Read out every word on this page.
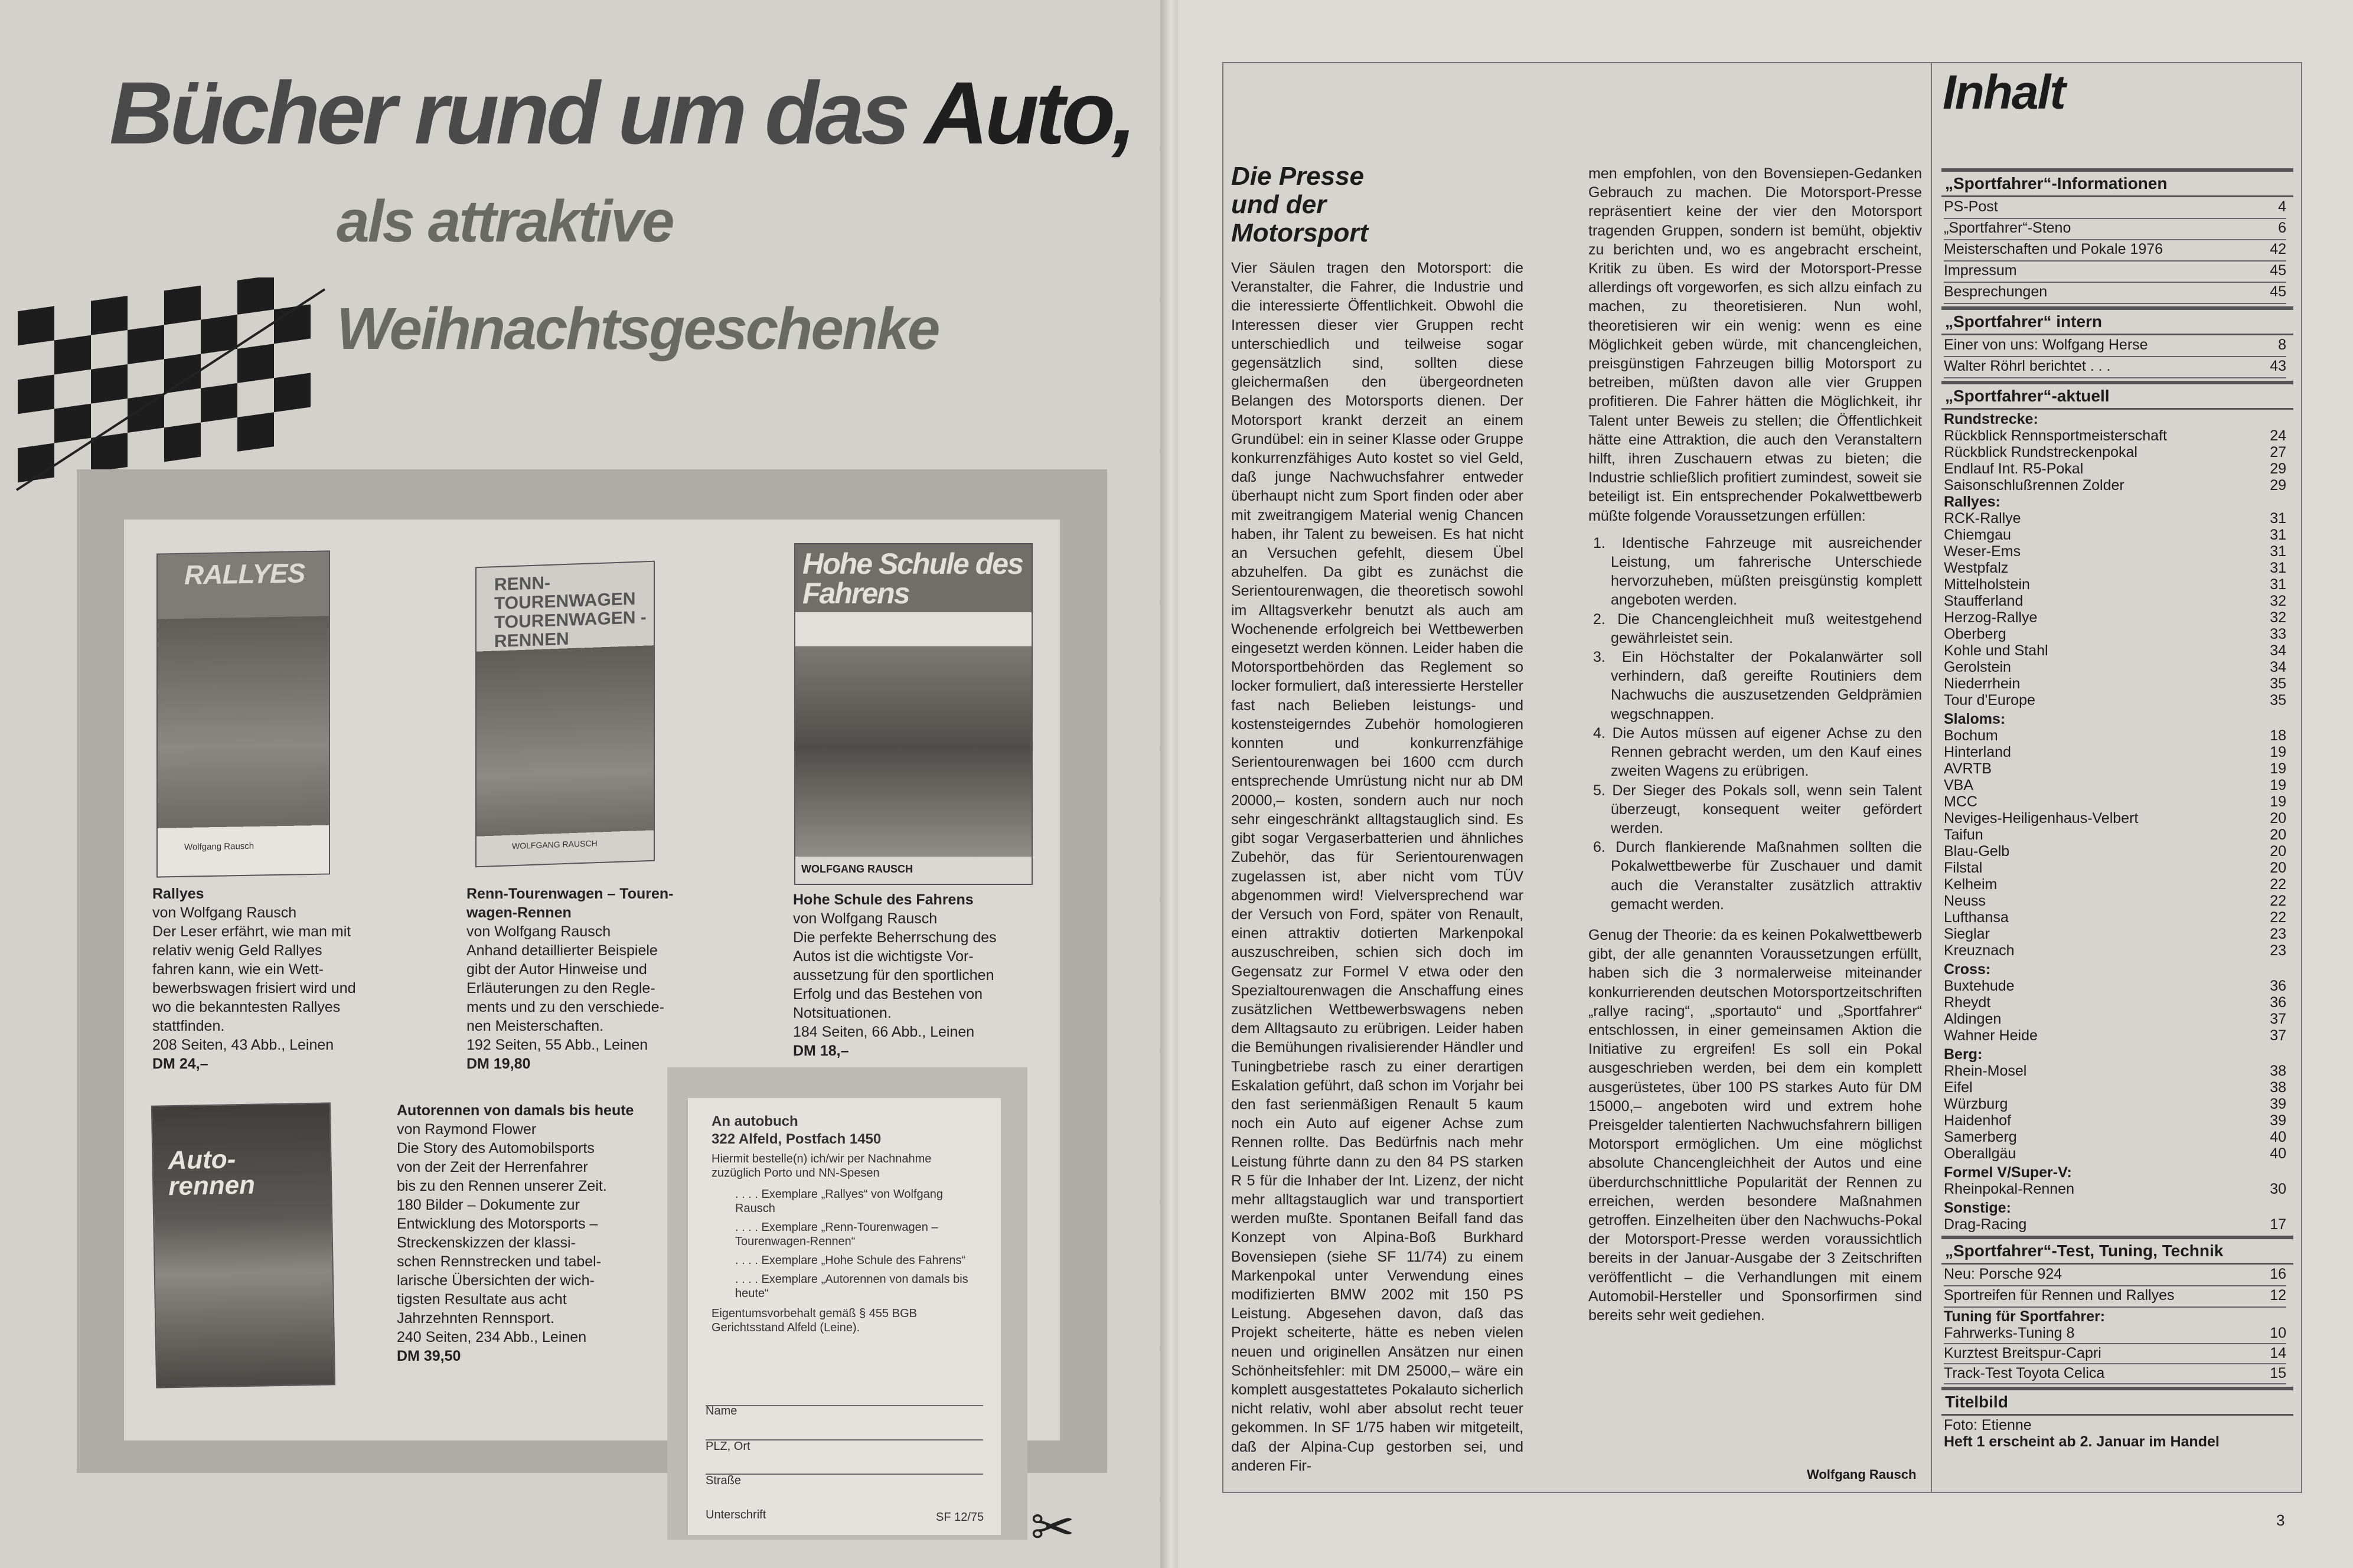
Bücher rund um das Auto,
als attraktive
Weihnachtsgeschenke
RALLYES
Wolfgang Rausch
Rallyes
von Wolfgang Rausch
Der Leser erfährt, wie man mit
relativ wenig Geld Rallyes
fahren kann, wie ein Wett-
bewerbswagen frisiert wird und
wo die bekanntesten Rallyes
stattfinden.
208 Seiten, 43 Abb., Leinen
DM 24,–
RENN-TOURENWAGEN TOURENWAGEN -RENNEN
WOLFGANG RAUSCH
Renn-Tourenwagen – Touren-wagen-Rennen
von Wolfgang Rausch
Anhand detaillierter Beispiele
gibt der Autor Hinweise und
Erläuterungen zu den Regle-
ments und zu den verschiede-
nen Meisterschaften.
192 Seiten, 55 Abb., Leinen
DM 19,80
Hohe Schule des Fahrens
WOLFGANG RAUSCH
Hohe Schule des Fahrens
von Wolfgang Rausch
Die perfekte Beherrschung des
Autos ist die wichtigste Vor-
aussetzung für den sportlichen
Erfolg und das Bestehen von
Notsituationen.
184 Seiten, 66 Abb., Leinen
DM 18,–
Auto-rennen
Autorennen von damals bis heute
von Raymond Flower
Die Story des Automobilsports
von der Zeit der Herrenfahrer
bis zu den Rennen unserer Zeit.
180 Bilder – Dokumente zur
Entwicklung des Motorsports –
Streckenskizzen der klassi-
schen Rennstrecken und tabel-
larische Übersichten der wich-
tigsten Resultate aus acht
Jahrzehnten Rennsport.
240 Seiten, 234 Abb., Leinen
DM 39,50
An autobuch
322 Alfeld, Postfach 1450
Hiermit bestelle(n) ich/wir per Nachnahme zuzüglich Porto und NN-Spesen
. . . . Exemplare „Rallyes“ von Wolfgang Rausch
. . . . Exemplare „Renn-Tourenwagen – Tourenwagen-Rennen“
. . . . Exemplare „Hohe Schule des Fahrens“
. . . . Exemplare „Autorennen von damals bis heute“
Eigentumsvorbehalt gemäß § 455 BGB Gerichtsstand Alfeld (Leine).
Name
PLZ, Ort
Straße
Unterschrift	SF 12/75 ✂
Die Presse
und der
Motorsport

Vier Säulen tragen den Motorsport: die Veranstalter, die Fahrer, die Industrie und die interessierte Öffentlichkeit. Obwohl die Interessen dieser vier Gruppen recht unterschiedlich und teilweise sogar gegensätzlich sind, sollten diese gleichermaßen den übergeordneten Belangen des Motorsports dienen. Der Motorsport krankt derzeit an einem Grundübel: ein in seiner Klasse oder Gruppe konkurrenzfähiges Auto kostet so viel Geld, daß junge Nachwuchsfahrer entweder überhaupt nicht zum Sport finden oder aber mit zweitrangigem Material wenig Chancen haben, ihr Talent zu beweisen. Es hat nicht an Versuchen gefehlt, diesem Übel abzuhelfen. Da gibt es zunächst die Serientourenwagen, die theoretisch sowohl im Alltagsverkehr benutzt als auch am Wochenende erfolgreich bei Wettbewerben eingesetzt werden können. Leider haben die Motorsportbehörden das Reglement so locker formuliert, daß interessierte Hersteller fast nach Belieben leistungs- und kostensteigerndes Zubehör homologieren konnten und konkurrenzfähige Serientourenwagen bei 1600 ccm durch entsprechende Umrüstung nicht nur ab DM 20000,– kosten, sondern auch nur noch sehr eingeschränkt alltagstauglich sind. Es gibt sogar Vergaserbatterien und ähnliches Zubehör, das für Serientourenwagen zugelassen ist, aber nicht vom TÜV abgenommen wird! Vielversprechend war der Versuch von Ford, später von Renault, einen attraktiv dotierten Markenpokal auszuschreiben, schien sich doch im Gegensatz zur Formel V etwa oder den Spezialtourenwagen die Anschaffung eines zusätzlichen Wettbewerbswagens neben dem Alltagsauto zu erübrigen. Leider haben die Bemühungen rivalisierender Händler und Tuningbetriebe rasch zu einer derartigen Eskalation geführt, daß schon im Vorjahr bei den fast serienmäßigen Renault 5 kaum noch ein Auto auf eigener Achse zum Rennen rollte. Das Bedürfnis nach mehr Leistung führte dann zu den 84 PS starken R 5 für die Inhaber der Int. Lizenz, der nicht mehr alltagstauglich war und transportiert werden mußte. Spontanen Beifall fand das Konzept von Alpina-Boß Burkhard Bovensiepen (siehe SF 11/74) zu einem Markenpokal unter Verwendung eines modifizierten BMW 2002 mit 150 PS Leistung. Abgesehen davon, daß das Projekt scheiterte, hätte es neben vielen neuen und originellen Ansätzen nur einen Schönheitsfehler: mit DM 25000,– wäre ein komplett ausgestattetes Pokalauto sicherlich nicht relativ, wohl aber absolut recht teuer gekommen. In SF 1/75 haben wir mitgeteilt, daß der Alpina-Cup gestorben sei, und anderen Fir-

men empfohlen, von den Bovensiepen-Gedanken Gebrauch zu machen. Die Motorsport-Presse repräsentiert keine der vier den Motorsport tragenden Gruppen, sondern ist bemüht, objektiv zu berichten und, wo es angebracht erscheint, Kritik zu üben. Es wird der Motorsport-Presse allerdings oft vorgeworfen, es sich allzu einfach zu machen, zu theoretisieren. Nun wohl, theoretisieren wir ein wenig: wenn es eine Möglichkeit geben würde, mit chancengleichen, preisgünstigen Fahrzeugen billig Motorsport zu betreiben, müßten davon alle vier Gruppen profitieren. Die Fahrer hätten die Möglichkeit, ihr Talent unter Beweis zu stellen; die Öffentlichkeit hätte eine Attraktion, die auch den Veranstaltern hilft, ihren Zuschauern etwas zu bieten; die Industrie schließlich profitiert zumindest, soweit sie beteiligt ist. Ein entsprechender Pokalwettbewerb müßte folgende Voraussetzungen erfüllen:

1. Identische Fahrzeuge mit ausreichender Leistung, um fahrerische Unterschiede hervorzuheben, müßten preisgünstig komplett angeboten werden.

2. Die Chancengleichheit muß weitestgehend gewährleistet sein.

3. Ein Höchstalter der Pokalanwärter soll verhindern, daß gereifte Routiniers dem Nachwuchs die auszusetzenden Geldprämien wegschnappen.

4. Die Autos müssen auf eigener Achse zu den Rennen gebracht werden, um den Kauf eines zweiten Wagens zu erübrigen.

5. Der Sieger des Pokals soll, wenn sein Talent überzeugt, konsequent weiter gefördert werden.

6. Durch flankierende Maßnahmen sollten die Pokalwettbewerbe für Zuschauer und damit auch die Veranstalter zusätzlich attraktiv gemacht werden.

Genug der Theorie: da es keinen Pokalwettbewerb gibt, der alle genannten Voraussetzungen erfüllt, haben sich die 3 normalerweise miteinander konkurrierenden deutschen Motorsportzeitschriften „rallye racing“, „sportauto“ und „Sportfahrer“ entschlossen, in einer gemeinsamen Aktion die Initiative zu ergreifen! Es soll ein Pokal ausgeschrieben werden, bei dem ein komplett ausgerüstetes, über 100 PS starkes Auto für DM 15000,– angeboten wird und extrem hohe Preisgelder talentierten Nachwuchsfahrern billigen Motorsport ermöglichen. Um eine möglichst absolute Chancengleichheit der Autos und eine überdurchschnittliche Popularität der Rennen zu erreichen, werden besondere Maßnahmen getroffen. Einzelheiten über den Nachwuchs-Pokal der Motorsport-Presse werden voraussichtlich bereits in der Januar-Ausgabe der 3 Zeitschriften veröffentlicht – die Verhandlungen mit einem Automobil-Hersteller und Sponsorfirmen sind bereits sehr weit gediehen.

Wolfgang Rausch
Inhalt
„Sportfahrer“-Informationen
PS-Post	4
„Sportfahrer“-Steno	6
Meisterschaften und Pokale 1976	42
Impressum	45
Besprechungen	45
„Sportfahrer“ intern
Einer von uns: Wolfgang Herse	8
Walter Röhrl berichtet . . .	43
„Sportfahrer“-aktuell
Rundstrecke:
Rückblick Rennsportmeisterschaft	24
Rückblick Rundstreckenpokal	27
Endlauf Int. R5-Pokal	29
Saisonschlußrennen Zolder	29
Rallyes:
RCK-Rallye	31
Chiemgau	31
Weser-Ems	31
Westpfalz	31
Mittelholstein	31
Staufferland	32
Herzog-Rallye	32
Oberberg	33
Kohle und Stahl	34
Gerolstein	34
Niederrhein	35
Tour d'Europe	35
Slaloms:
Bochum	18
Hinterland	19
AVRTB	19
VBA	19
MCC	19
Neviges-Heiligenhaus-Velbert	20
Taifun	20
Blau-Gelb	20
Filstal	20
Kelheim	22
Neuss	22
Lufthansa	22
Sieglar	23
Kreuznach	23
Cross:
Buxtehude	36
Rheydt	36
Aldingen	37
Wahner Heide	37
Berg:
Rhein-Mosel	38
Eifel	38
Würzburg	39
Haidenhof	39
Samerberg	40
Oberallgäu	40
Formel V/Super-V:
Rheinpokal-Rennen	30
Sonstige:
Drag-Racing	17
„Sportfahrer“-Test, Tuning, Technik
Neu: Porsche 924	16
Sportreifen für Rennen und Rallyes	12
Tuning für Sportfahrer:
Fahrwerks-Tuning 8	10
Kurztest Breitspur-Capri	14
Track-Test Toyota Celica	15
Titelbild
Foto: Etienne
Heft 1 erscheint ab 2. Januar im Handel
3
